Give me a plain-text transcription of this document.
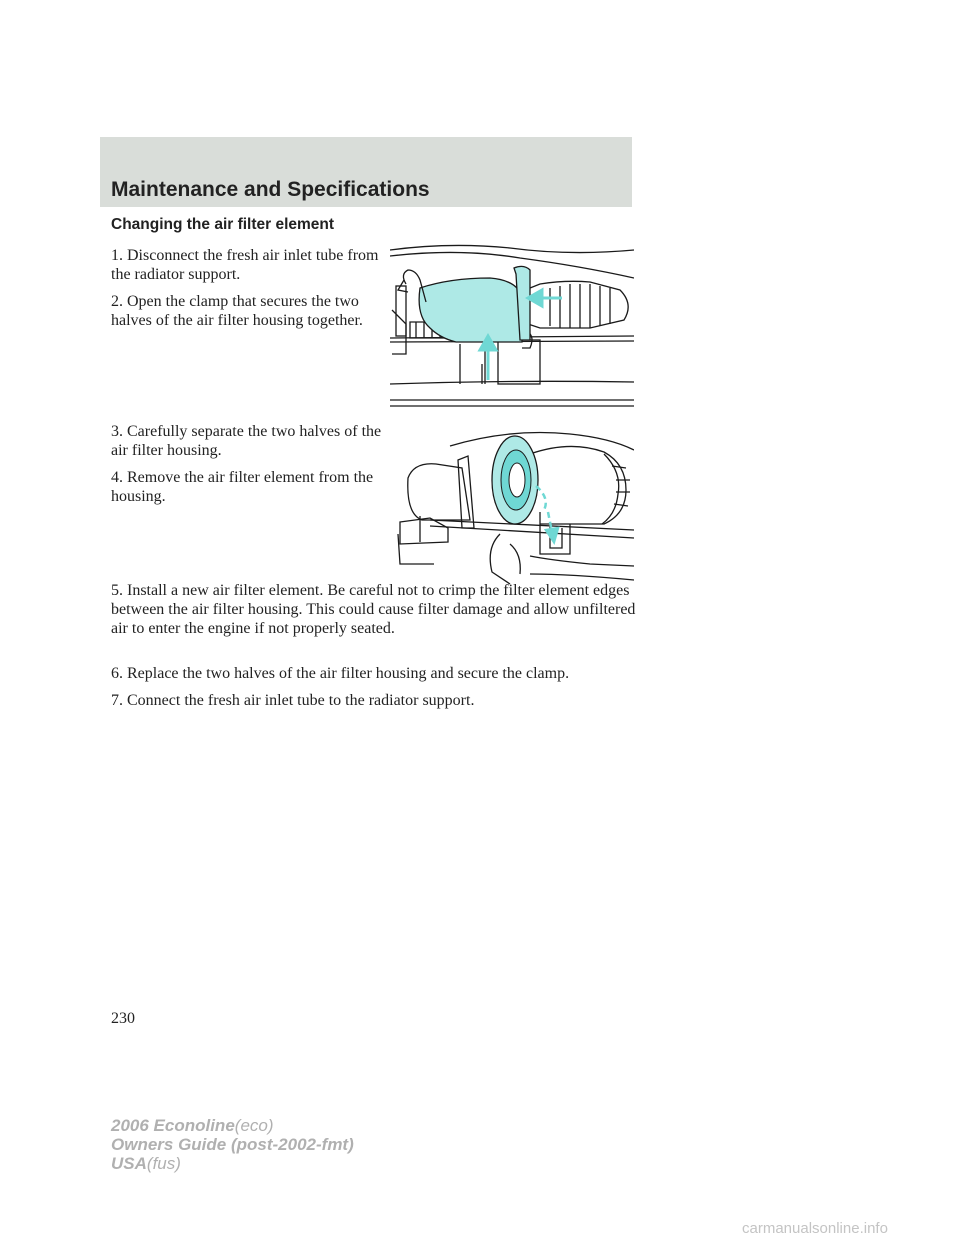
Maintenance and Specifications
Changing the air filter element
1. Disconnect the fresh air inlet tube from the radiator support.
2. Open the clamp that secures the two halves of the air filter housing together.
3. Carefully separate the two halves of the air filter housing.
4. Remove the air filter element from the housing.
5. Install a new air filter element. Be careful not to crimp the filter element edges between the air filter housing. This could cause filter damage and allow unfiltered air to enter the engine if not properly seated.
6. Replace the two halves of the air filter housing and secure the clamp.
7. Connect the fresh air inlet tube to the radiator support.
230
2006 Econoline(eco)
Owners Guide (post-2002-fmt)
USA(fus)
carmanualsonline.info
